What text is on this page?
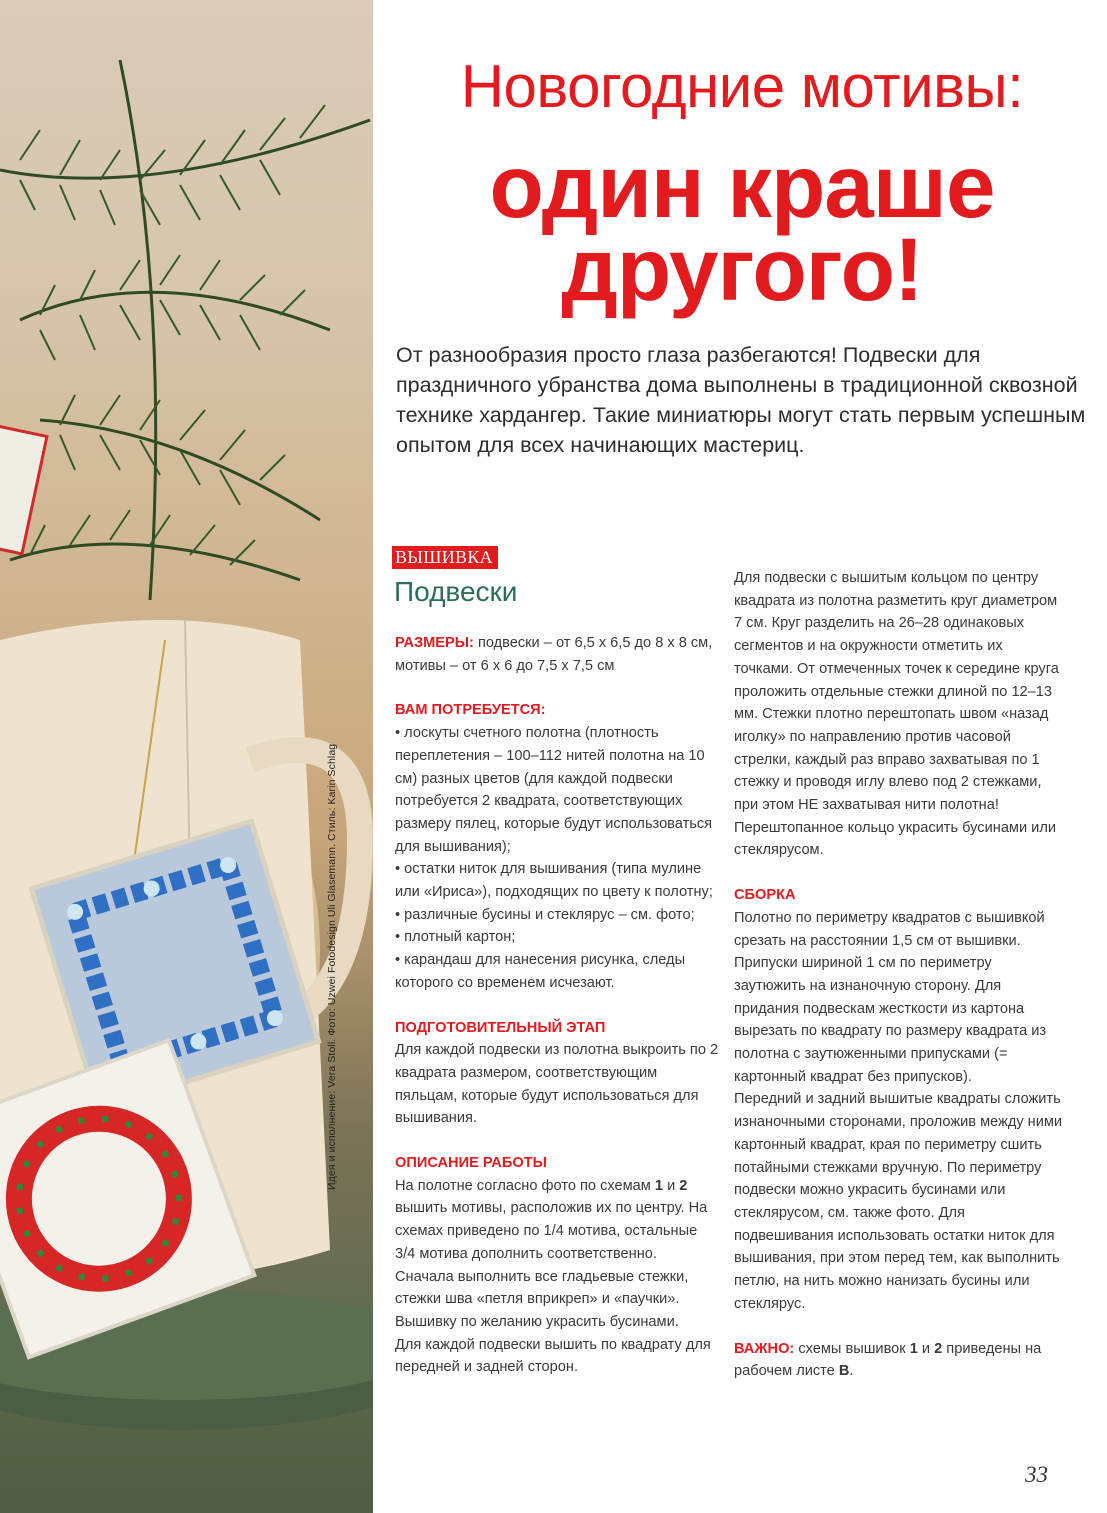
Идея и исполнение: Vera Stoll. Фото: Uzwei Fotodesign Uli Glasemann. Стиль: Karin Schlag
Новогодние мотивы:
один краше
другого!

От разнообразия просто глаза разбегаются! Подвески для праздничного убранства дома выполнены в традиционной сквозной технике хардангер. Такие миниатюры могут стать первым успешным опытом для всех начинающих мастериц.

ВЫШИВКА
Подвески

РАЗМЕРЫ: подвески – от 6,5 х 6,5 до 8 х 8 см, мотивы – от 6 х 6 до 7,5 х 7,5 см

ВАМ ПОТРЕБУЕТСЯ:

• лоскуты счетного полотна (плотность переплетения – 100–112 нитей полотна на 10 см) разных цветов (для каждой подвески потребуется 2 квадрата, соответствующих размеру пялец, которые будут использоваться для вышивания);

• остатки ниток для вышивания (типа мулине или «Ириса»), подходящих по цвету к полотну;

• различные бусины и стеклярус – см. фото;

• плотный картон;

• карандаш для нанесения рисунка, следы которого со временем исчезают.

ПОДГОТОВИТЕЛЬНЫЙ ЭТАП

Для каждой подвески из полотна выкроить по 2 квадрата размером, соответствующим пяльцам, которые будут использоваться для вышивания.

ОПИСАНИЕ РАБОТЫ

На полотне согласно фото по схемам 1 и 2 вышить мотивы, расположив их по центру. На схемах приведено по 1/4 мотива, остальные 3/4 мотива дополнить соответственно.

Сначала выполнить все гладьевые стежки, стежки шва «петля вприкреп» и «паучки». Вышивку по желанию украсить бусинами.

Для каждой подвески вышить по квадрату для передней и задней сторон.

Для подвески с вышитым кольцом по центру квадрата из полотна разметить круг диаметром 7 см. Круг разделить на 26–28 одинаковых сегментов и на окружности отметить их точками. От отмеченных точек к середине круга проложить отдельные стежки длиной по 12–13 мм. Стежки плотно перештопать швом «назад иголку» по направлению против часовой стрелки, каждый раз вправо захватывая по 1 стежку и проводя иглу влево под 2 стежками, при этом НЕ захватывая нити полотна! Перештопанное кольцо украсить бусинами или стеклярусом.

СБОРКА

Полотно по периметру квадратов с вышивкой срезать на расстоянии 1,5 см от вышивки. Припуски шириной 1 см по периметру заутюжить на изнаночную сторону. Для придания подвескам жесткости из картона вырезать по квадрату по размеру квадрата из полотна с заутюженными припусками (= картонный квадрат без припусков).

Передний и задний вышитые квадраты сложить изнаночными сторонами, проложив между ними картонный квадрат, края по периметру сшить потайными стежками вручную. По периметру подвески можно украсить бусинами или стеклярусом, см. также фото. Для подвешивания использовать остатки ниток для вышивания, при этом перед тем, как выполнить петлю, на нить можно нанизать бусины или стеклярус.

ВАЖНО: схемы вышивок 1 и 2 приведены на рабочем листе В.

33
